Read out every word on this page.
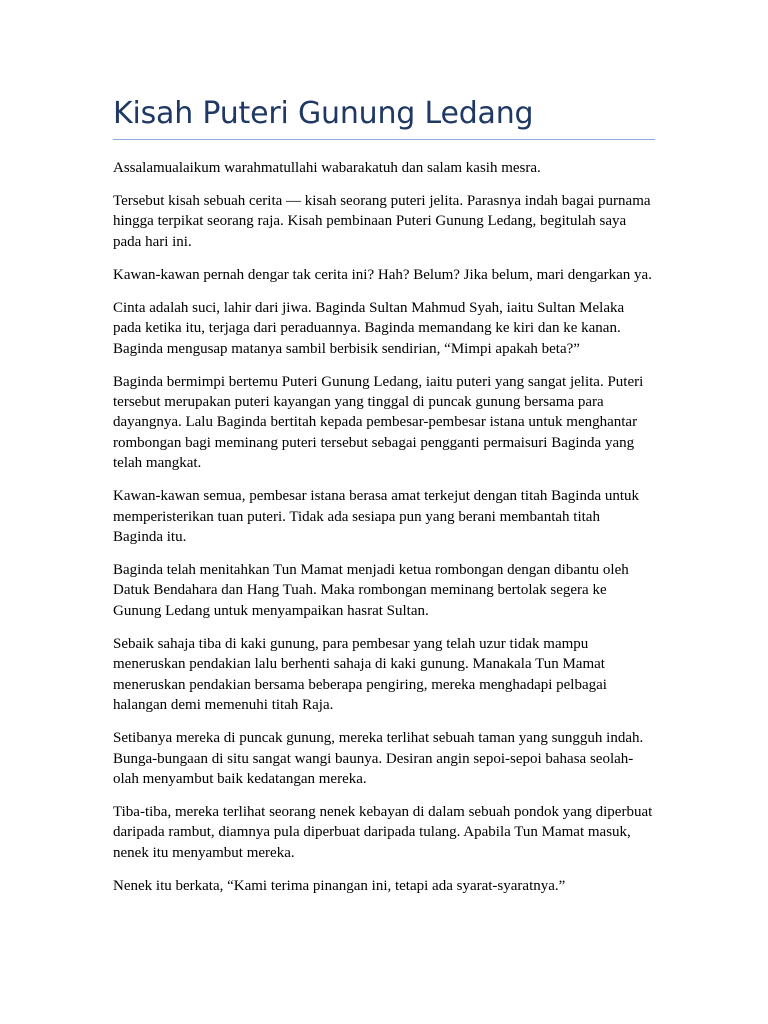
Kisah Puteri Gunung Ledang

Assalamualaikum warahmatullahi wabarakatuh dan salam kasih mesra.

Tersebut kisah sebuah cerita — kisah seorang puteri jelita. Parasnya indah bagai purnama
hingga terpikat seorang raja. Kisah pembinaan Puteri Gunung Ledang, begitulah saya
pada hari ini.

Kawan-kawan pernah dengar tak cerita ini? Hah? Belum? Jika belum, mari dengarkan ya.

Cinta adalah suci, lahir dari jiwa. Baginda Sultan Mahmud Syah, iaitu Sultan Melaka
pada ketika itu, terjaga dari peraduannya. Baginda memandang ke kiri dan ke kanan.
Baginda mengusap matanya sambil berbisik sendirian, “Mimpi apakah beta?”

Baginda bermimpi bertemu Puteri Gunung Ledang, iaitu puteri yang sangat jelita. Puteri
tersebut merupakan puteri kayangan yang tinggal di puncak gunung bersama para
dayangnya. Lalu Baginda bertitah kepada pembesar-pembesar istana untuk menghantar
rombongan bagi meminang puteri tersebut sebagai pengganti permaisuri Baginda yang
telah mangkat.

Kawan-kawan semua, pembesar istana berasa amat terkejut dengan titah Baginda untuk
memperisterikan tuan puteri. Tidak ada sesiapa pun yang berani membantah titah
Baginda itu.

Baginda telah menitahkan Tun Mamat menjadi ketua rombongan dengan dibantu oleh
Datuk Bendahara dan Hang Tuah. Maka rombongan meminang bertolak segera ke
Gunung Ledang untuk menyampaikan hasrat Sultan.

Sebaik sahaja tiba di kaki gunung, para pembesar yang telah uzur tidak mampu
meneruskan pendakian lalu berhenti sahaja di kaki gunung. Manakala Tun Mamat
meneruskan pendakian bersama beberapa pengiring, mereka menghadapi pelbagai
halangan demi memenuhi titah Raja.

Setibanya mereka di puncak gunung, mereka terlihat sebuah taman yang sungguh indah.
Bunga-bungaan di situ sangat wangi baunya. Desiran angin sepoi-sepoi bahasa seolah-
olah menyambut baik kedatangan mereka.

Tiba-tiba, mereka terlihat seorang nenek kebayan di dalam sebuah pondok yang diperbuat
daripada rambut, diamnya pula diperbuat daripada tulang. Apabila Tun Mamat masuk,
nenek itu menyambut mereka.

Nenek itu berkata, “Kami terima pinangan ini, tetapi ada syarat-syaratnya.”
